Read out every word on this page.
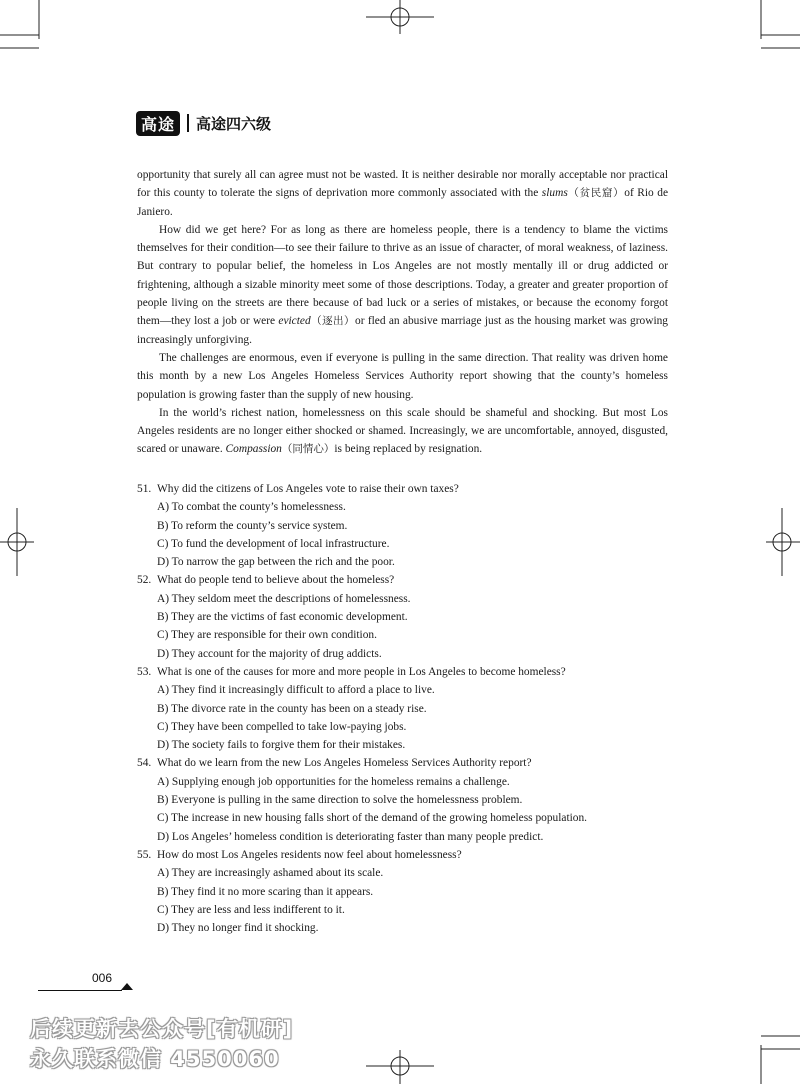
高途	高途四六级

opportunity that surely all can agree must not be wasted. It is neither desirable nor morally acceptable nor practical for this county to tolerate the signs of deprivation more commonly associated with the slums（贫民窟）of Rio de Janiero.

How did we get here? For as long as there are homeless people, there is a tendency to blame the victims themselves for their condition—to see their failure to thrive as an issue of character, of moral weakness, of laziness. But contrary to popular belief, the homeless in Los Angeles are not mostly mentally ill or drug addicted or frightening, although a sizable minority meet some of those descriptions. Today, a greater and greater proportion of people living on the streets are there because of bad luck or a series of mistakes, or because the economy forgot them—they lost a job or were evicted（逐出）or fled an abusive marriage just as the housing market was growing increasingly unforgiving.

The challenges are enormous, even if everyone is pulling in the same direction. That reality was driven home this month by a new Los Angeles Homeless Services Authority report showing that the county’s homeless population is growing faster than the supply of new housing.

In the world’s richest nation, homelessness on this scale should be shameful and shocking. But most Los Angeles residents are no longer either shocked or shamed. Increasingly, we are uncomfortable, annoyed, disgusted, scared or unaware. Compassion（同情心）is being replaced by resignation.

51. Why did the citizens of Los Angeles vote to raise their own taxes?
A) To combat the county’s homelessness.
B) To reform the county’s service system.
C) To fund the development of local infrastructure.
D) To narrow the gap between the rich and the poor.
52. What do people tend to believe about the homeless?
A) They seldom meet the descriptions of homelessness.
B) They are the victims of fast economic development.
C) They are responsible for their own condition.
D) They account for the majority of drug addicts.
53. What is one of the causes for more and more people in Los Angeles to become homeless?
A) They find it increasingly difficult to afford a place to live.
B) The divorce rate in the county has been on a steady rise.
C) They have been compelled to take low-paying jobs.
D) The society fails to forgive them for their mistakes.
54. What do we learn from the new Los Angeles Homeless Services Authority report?
A) Supplying enough job opportunities for the homeless remains a challenge.
B) Everyone is pulling in the same direction to solve the homelessness problem.
C) The increase in new housing falls short of the demand of the growing homeless population.
D) Los Angeles’ homeless condition is deteriorating faster than many people predict.
55. How do most Los Angeles residents now feel about homelessness?
A) They are increasingly ashamed about its scale.
B) They find it no more scaring than it appears.
C) They are less and less indifferent to it.
D) They no longer find it shocking.
006
后续更新去公众号[有机研]
永久联系微信 4550060
